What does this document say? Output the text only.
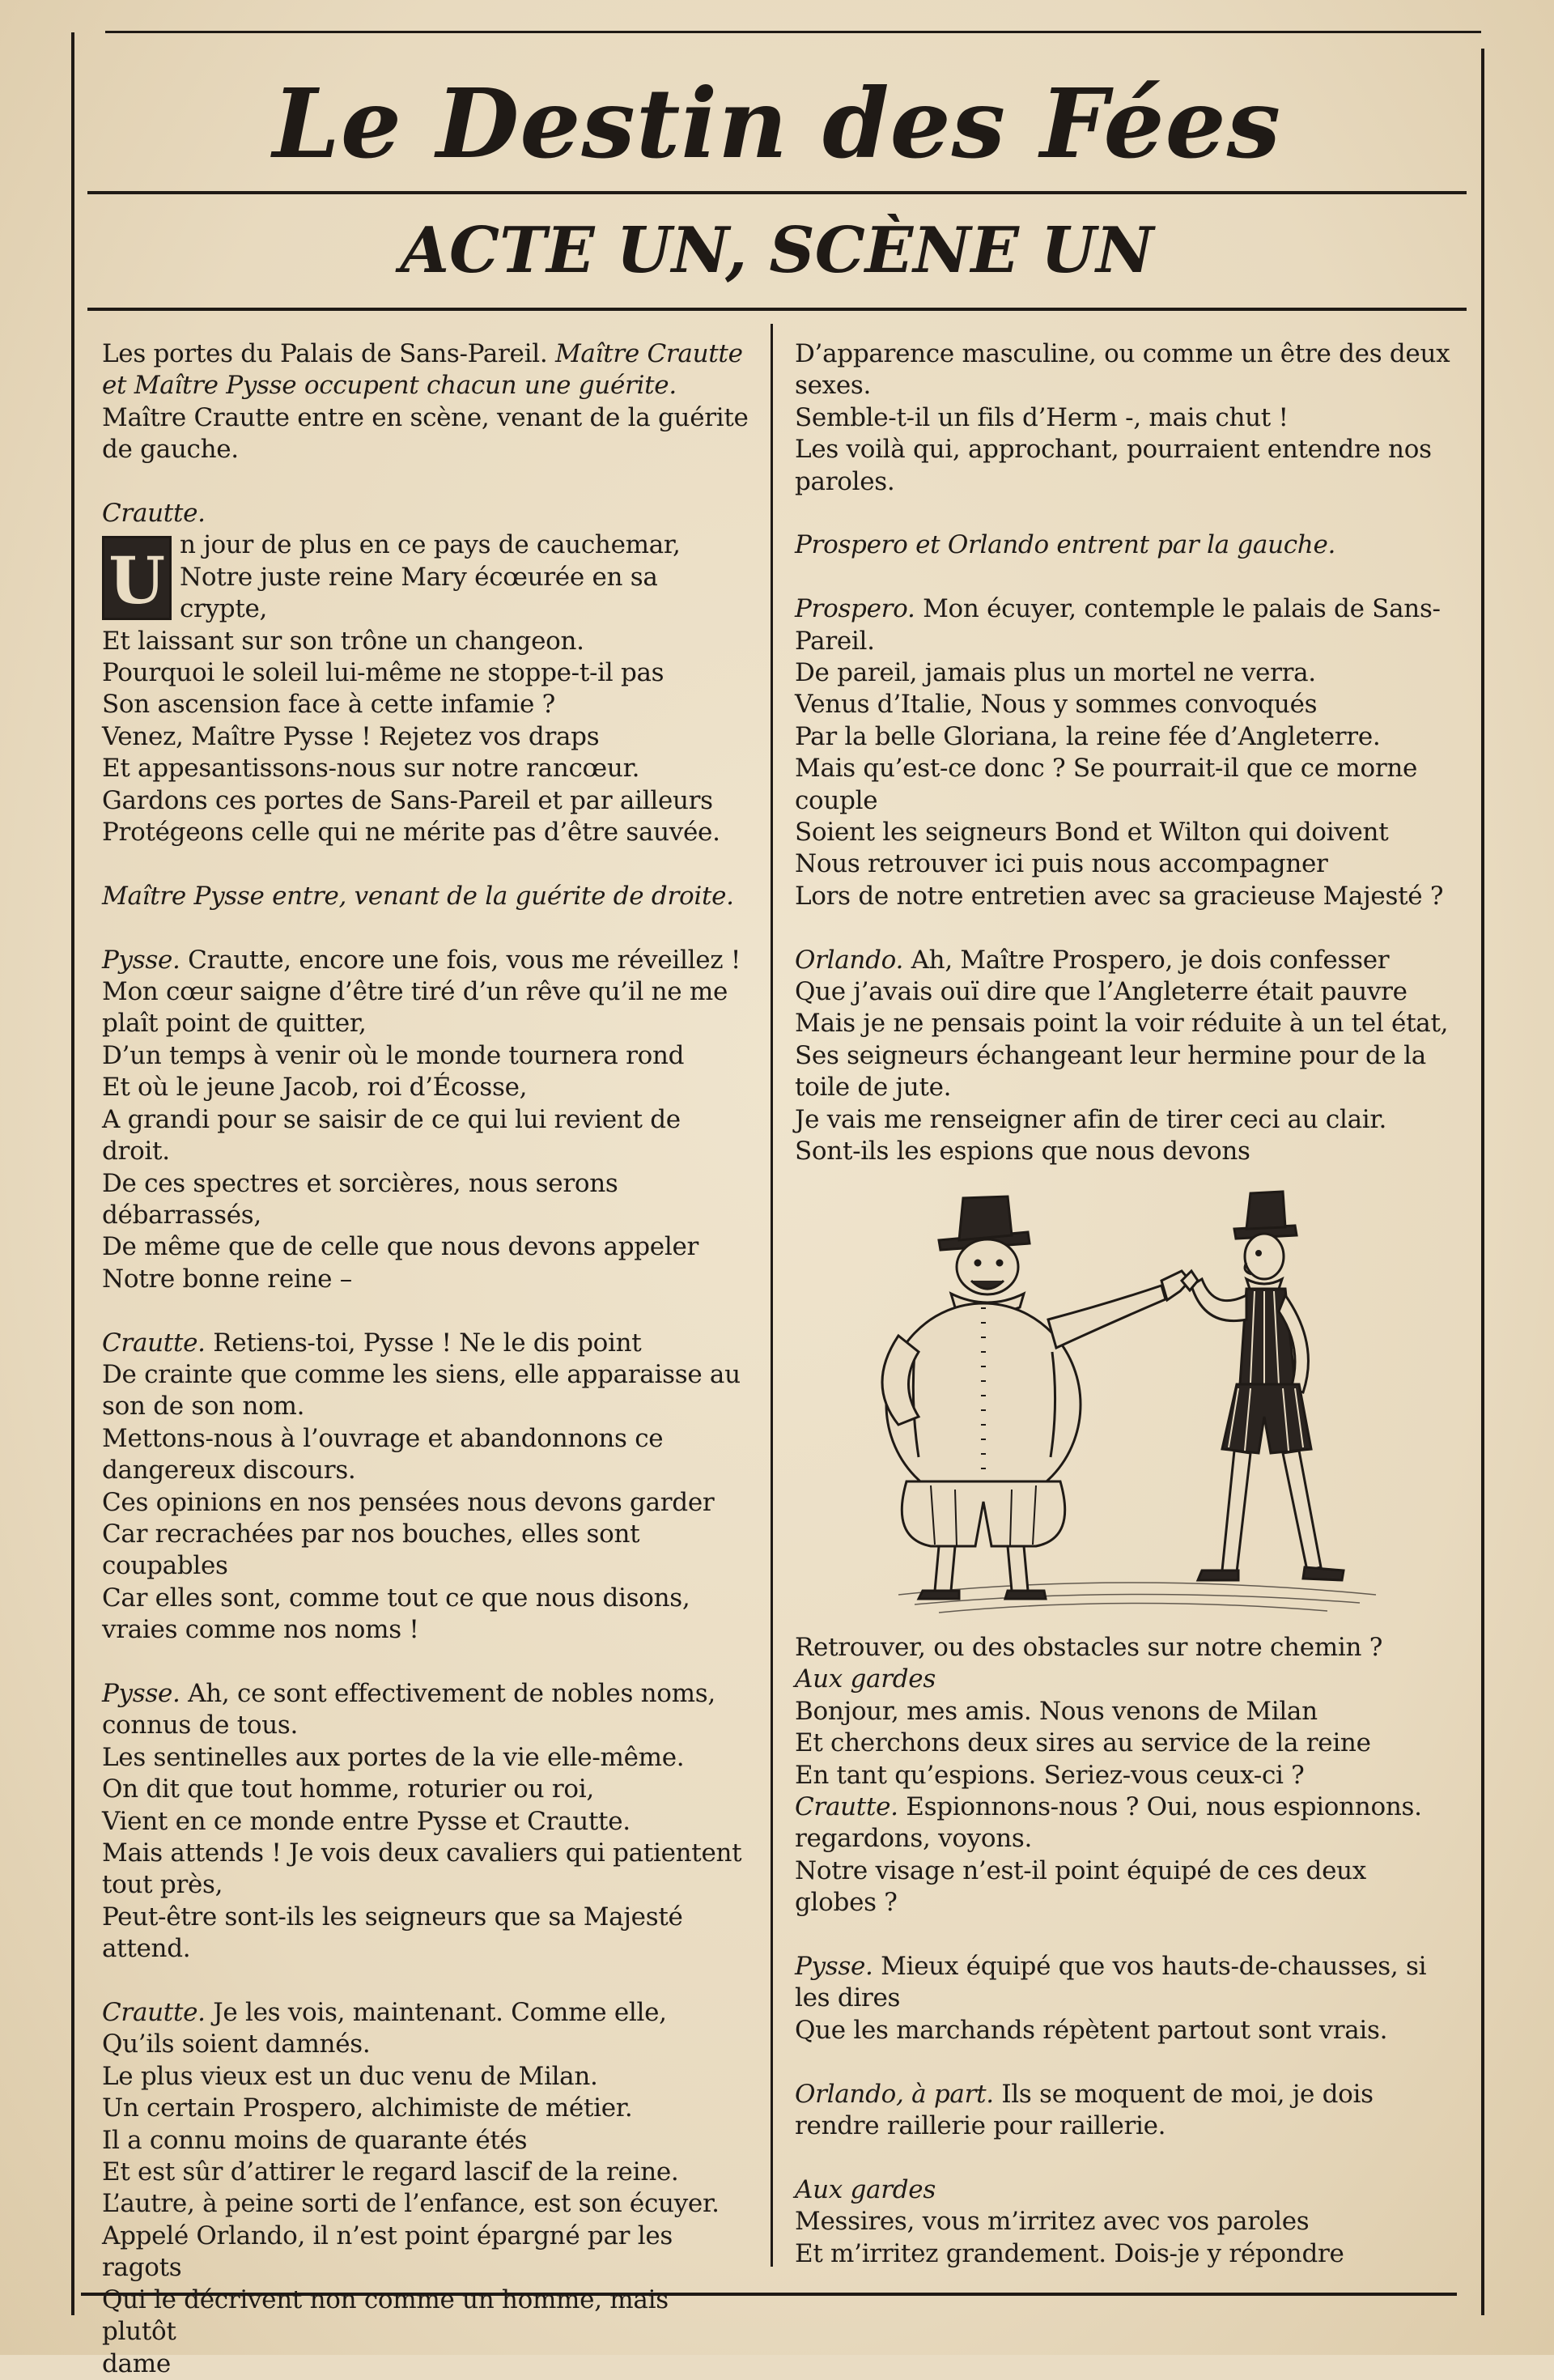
Le Destin des Fées
ACTE UN, SCÈNE UN

Les portes du Palais de Sans-Pareil. Maître Crautte

et Maître Pysse occupent chacun une guérite.

Maître Crautte entre en scène, venant de la guérite

de gauche.

Crautte.

U n jour de plus en ce pays de cauchemar,

Notre juste reine Mary écœurée en sa crypte,

Et laissant sur son trône un changeon.

Pourquoi le soleil lui-même ne stoppe-t-il pas

Son ascension face à cette infamie ?

Venez, Maître Pysse ! Rejetez vos draps

Et appesantissons-nous sur notre rancœur.

Gardons ces portes de Sans-Pareil et par ailleurs

Protégeons celle qui ne mérite pas d’être sauvée.

Maître Pysse entre, venant de la guérite de droite.

Pysse. Crautte, encore une fois, vous me réveillez !

Mon cœur saigne d’être tiré d’un rêve qu’il ne me

plaît point de quitter,

D’un temps à venir où le monde tournera rond

Et où le jeune Jacob, roi d’Écosse,

A grandi pour se saisir de ce qui lui revient de droit.

De ces spectres et sorcières, nous serons

débarrassés,

De même que de celle que nous devons appeler

Notre bonne reine –

Crautte. Retiens-toi, Pysse ! Ne le dis point

De crainte que comme les siens, elle apparaisse au

son de son nom.

Mettons-nous à l’ouvrage et abandonnons ce

dangereux discours.

Ces opinions en nos pensées nous devons garder

Car recrachées par nos bouches, elles sont

coupables

Car elles sont, comme tout ce que nous disons,

vraies comme nos noms !

Pysse. Ah, ce sont effectivement de nobles noms,

connus de tous.

Les sentinelles aux portes de la vie elle-même.

On dit que tout homme, roturier ou roi,

Vient en ce monde entre Pysse et Crautte.

Mais attends ! Je vois deux cavaliers qui patientent

tout près,

Peut-être sont-ils les seigneurs que sa Majesté

attend.

Crautte. Je les vois, maintenant. Comme elle,

Qu’ils soient damnés.

Le plus vieux est un duc venu de Milan.

Un certain Prospero, alchimiste de métier.

Il a connu moins de quarante étés

Et est sûr d’attirer le regard lascif de la reine.

L’autre, à peine sorti de l’enfance, est son écuyer.

Appelé Orlando, il n’est point épargné par les ragots

Qui le décrivent non comme un homme, mais plutôt

dame

D’apparence masculine, ou comme un être des deux

sexes.

Semble-t-il un fils d’Herm -, mais chut !

Les voilà qui, approchant, pourraient entendre nos

paroles.

Prospero et Orlando entrent par la gauche.

Prospero. Mon écuyer, contemple le palais de Sans-

Pareil.

De pareil, jamais plus un mortel ne verra.

Venus d’Italie, Nous y sommes convoqués

Par la belle Gloriana, la reine fée d’Angleterre.

Mais qu’est-ce donc ? Se pourrait-il que ce morne

couple

Soient les seigneurs Bond et Wilton qui doivent

Nous retrouver ici puis nous accompagner

Lors de notre entretien avec sa gracieuse Majesté ?

Orlando. Ah, Maître Prospero, je dois confesser

Que j’avais ouï dire que l’Angleterre était pauvre

Mais je ne pensais point la voir réduite à un tel état,

Ses seigneurs échangeant leur hermine pour de la

toile de jute.

Je vais me renseigner afin de tirer ceci au clair.

Sont-ils les espions que nous devons

Retrouver, ou des obstacles sur notre chemin ?

Aux gardes

Bonjour, mes amis. Nous venons de Milan

Et cherchons deux sires au service de la reine

En tant qu’espions. Seriez-vous ceux-ci ?

Crautte. Espionnons-nous ? Oui, nous espionnons.

regardons, voyons.

Notre visage n’est-il point équipé de ces deux

globes ?

Pysse. Mieux équipé que vos hauts-de-chausses, si

les dires

Que les marchands répètent partout sont vrais.

Orlando, à part. Ils se moquent de moi, je dois

rendre raillerie pour raillerie.

Aux gardes

Messires, vous m’irritez avec vos paroles

Et m’irritez grandement. Dois-je y répondre
